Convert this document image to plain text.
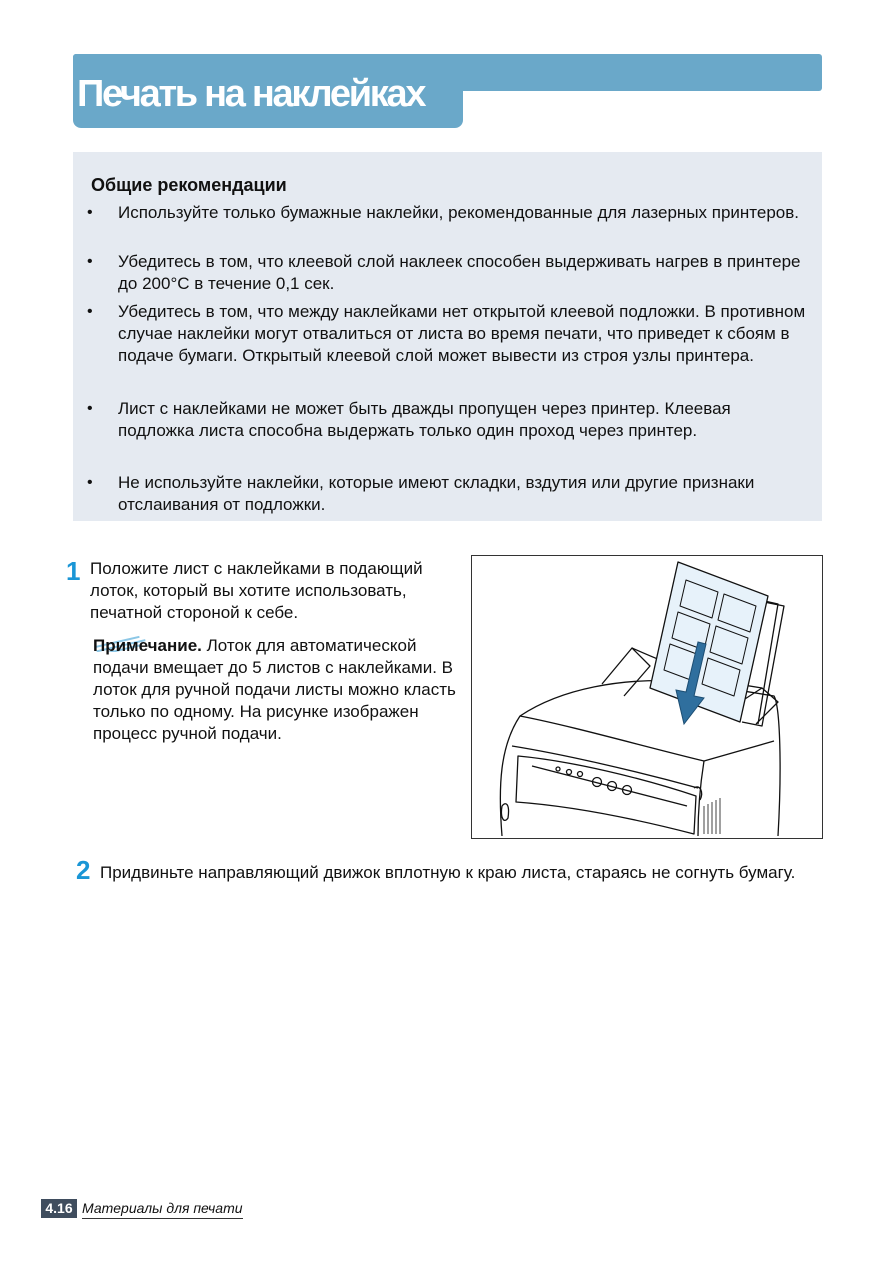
Печать на наклейках
Общие рекомендации
• Используйте только бумажные наклейки, рекомендованные для лазерных принтеров.
• Убедитесь в том, что клеевой слой наклеек способен выдерживать нагрев в принтере до 200°C в течение 0,1 сек.
• Убедитесь в том, что между наклейками нет открытой клеевой подложки. В противном случае наклейки могут отвалиться от листа во время печати, что приведет к сбоям в подаче бумаги. Открытый клеевой слой может вывести из строя узлы принтера.
• Лист с наклейками не может быть дважды пропущен через принтер. Клеевая подложка листа способна выдержать только один проход через принтер.
• Не используйте наклейки, которые имеют складки, вздутия или другие признаки отслаивания от подложки.
1 Положите лист с наклейками в подающий лоток, который вы хотите использовать, печатной стороной к себе.

Примечание. Лоток для автоматической подачи вмещает до 5 листов с наклейками. В лоток для ручной подачи листы можно класть только по одному. На рисунке изображен процесс ручной подачи.

2 Придвиньте направляющий движок вплотную к краю листа, стараясь не согнуть бумагу.

4.16 Материалы для печати
